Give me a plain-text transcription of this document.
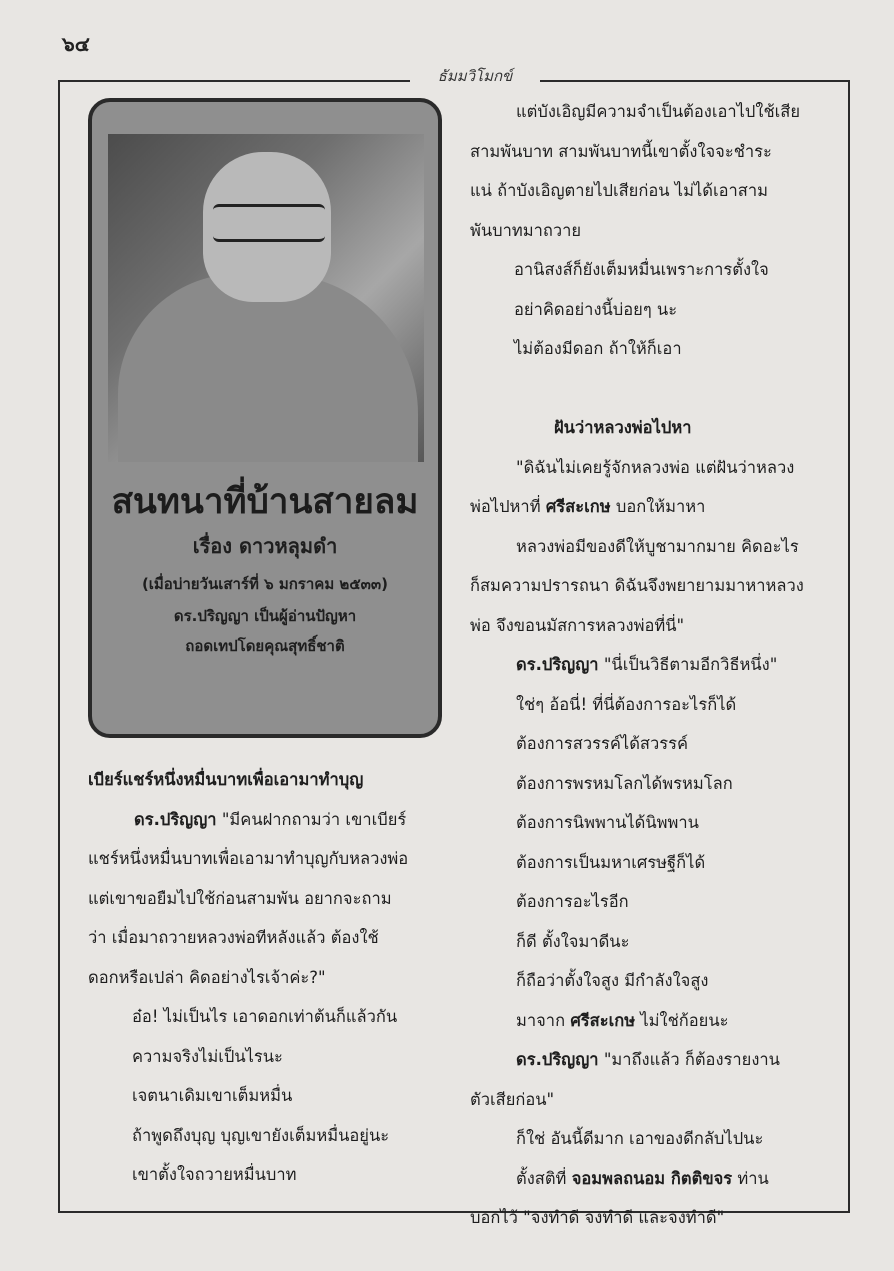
๖๔
ธัมมวิโมกข์
สนทนาที่บ้านสายลม
เรื่อง ดาวหลุมดำ
(เมื่อบ่ายวันเสาร์ที่ ๖ มกราคม ๒๕๓๓)
ดร.ปริญญา เป็นผู้อ่านปัญหา
ถอดเทปโดยคุณสุทธิ์ชาติ
เบียร์แชร์หนึ่งหมื่นบาทเพื่อเอามาทำบุญ
ดร.ปริญญา "มีคนฝากถามว่า เขาเบียร์
แชร์หนึ่งหมื่นบาทเพื่อเอามาทำบุญกับหลวงพ่อ
แต่เขาขอยืมไปใช้ก่อนสามพัน อยากจะถาม
ว่า เมื่อมาถวายหลวงพ่อทีหลังแล้ว ต้องใช้
ดอกหรือเปล่า คิดอย่างไรเจ้าค่ะ?"
อ๋อ! ไม่เป็นไร เอาดอกเท่าต้นก็แล้วกัน
ความจริงไม่เป็นไรนะ
เจตนาเดิมเขาเต็มหมื่น
ถ้าพูดถึงบุญ บุญเขายังเต็มหมื่นอยู่นะ
เขาตั้งใจถวายหมื่นบาท
แต่บังเอิญมีความจำเป็นต้องเอาไปใช้เสีย
สามพันบาท สามพันบาทนี้เขาตั้งใจจะชำระ
แน่ ถ้าบังเอิญตายไปเสียก่อน ไม่ได้เอาสาม
พันบาทมาถวาย
อานิสงส์ก็ยังเต็มหมื่นเพราะการตั้งใจ
อย่าคิดอย่างนี้บ่อยๆ นะ
ไม่ต้องมีดอก ถ้าให้ก็เอา
ฝันว่าหลวงพ่อไปหา
"ดิฉันไม่เคยรู้จักหลวงพ่อ แต่ฝันว่าหลวง
พ่อไปหาที่ ศรีสะเกษ บอกให้มาหา
หลวงพ่อมีของดีให้บูชามากมาย คิดอะไร
ก็สมความปรารถนา ดิฉันจึงพยายามมาหาหลวง
พ่อ จึงขอนมัสการหลวงพ่อที่นี่"
ดร.ปริญญา "นี่เป็นวิธีตามอีกวิธีหนึ่ง"
ใช่ๆ อ้อนี่! ที่นี่ต้องการอะไรก็ได้
ต้องการสวรรค์ได้สวรรค์
ต้องการพรหมโลกได้พรหมโลก
ต้องการนิพพานได้นิพพาน
ต้องการเป็นมหาเศรษฐีก็ได้
ต้องการอะไรอีก
ก็ดี ตั้งใจมาดีนะ
ก็ถือว่าตั้งใจสูง มีกำลังใจสูง
มาจาก ศรีสะเกษ ไม่ใช่ก้อยนะ
ดร.ปริญญา "มาถึงแล้ว ก็ต้องรายงาน
ตัวเสียก่อน"
ก็ใช่ อันนี้ดีมาก เอาของดีกลับไปนะ
ตั้งสติที่ จอมพลถนอม กิตติขจร ท่าน
บอกไว้ "จงทำดี จงทำดี และจงทำดี"
